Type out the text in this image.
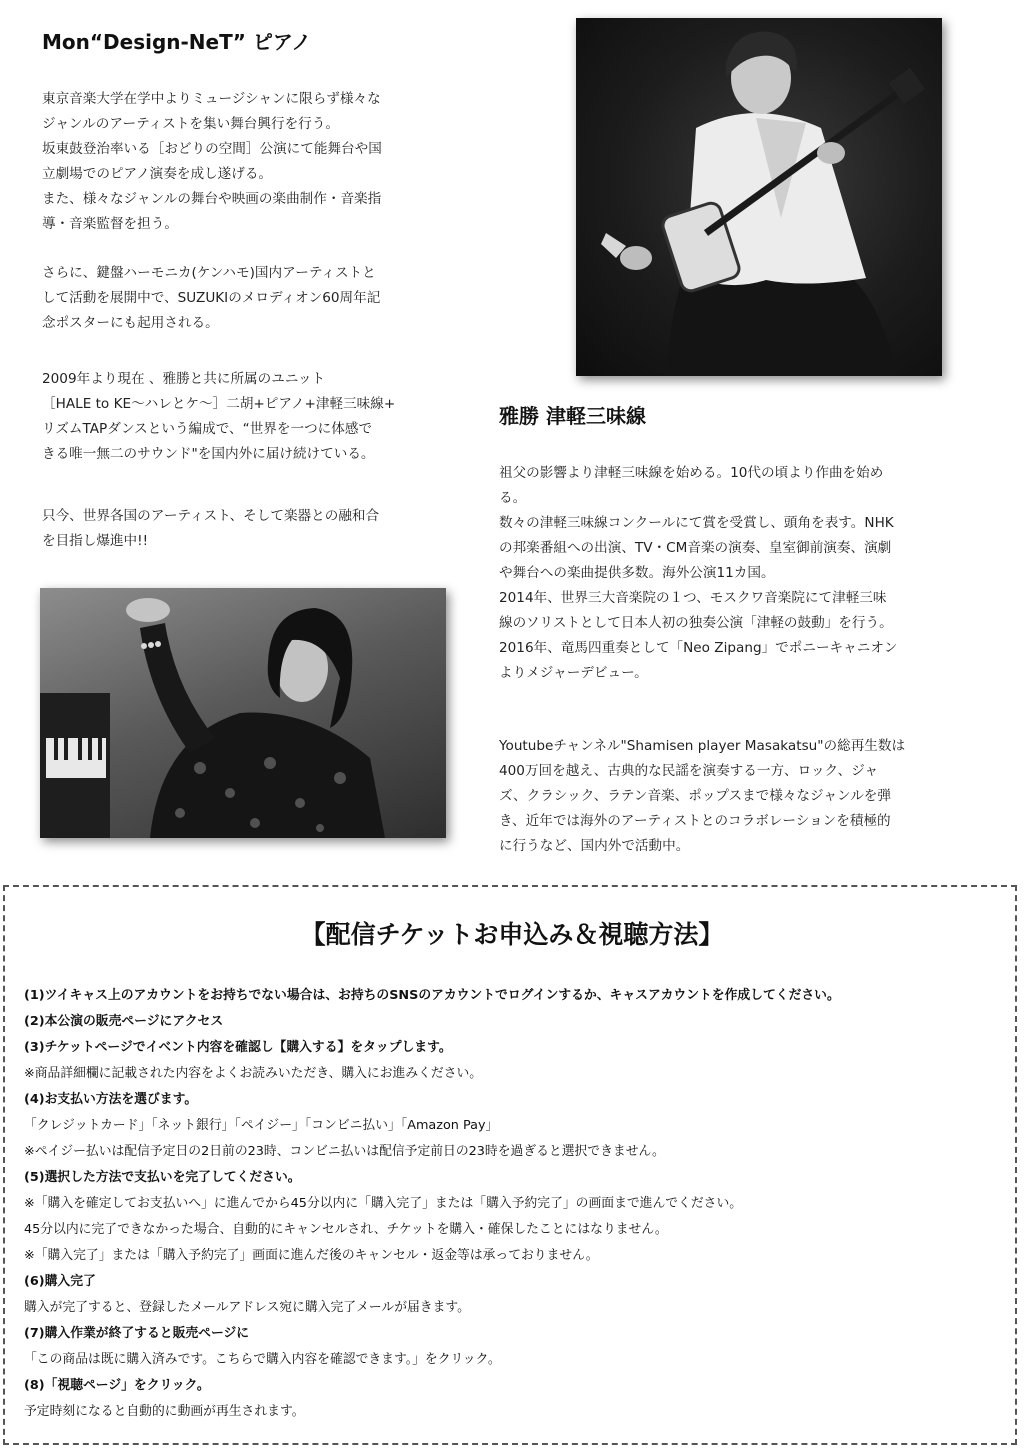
Mon“Design-NeT” ピアノ
東京音楽大学在学中よりミュージシャンに限らず様々な
ジャンルのアーティストを集い舞台興行を行う。
坂東鼓登治率いる［おどりの空間］公演にて能舞台や国
立劇場でのピアノ演奏を成し遂げる。
また、様々なジャンルの舞台や映画の楽曲制作・音楽指
導・音楽監督を担う。
さらに、鍵盤ハーモニカ(ケンハモ)国内アーティストと
して活動を展開中で、SUZUKIのメロディオン60周年記
念ポスターにも起用される。
2009年より現在 、雅勝と共に所属のユニット
［HALE to KE〜ハレとケ〜］二胡+ピアノ+津軽三味線+
リズムTAPダンスという編成で、“世界を一つに体感で
きる唯一無二のサウンド"を国内外に届け続けている。
只今、世界各国のアーティスト、そして楽器との融和合
を目指し爆進中!!
雅勝 津軽三味線
祖父の影響より津軽三味線を始める。10代の頃より作曲を始め
る。
数々の津軽三味線コンクールにて賞を受賞し、頭角を表す。NHK
の邦楽番組への出演、TV・CM音楽の演奏、皇室御前演奏、演劇
や舞台への楽曲提供多数。海外公演11カ国。
2014年、世界三大音楽院の１つ、モスクワ音楽院にて津軽三味
線のソリストとして日本人初の独奏公演「津軽の鼓動」を行う。
2016年、竜馬四重奏として「Neo Zipang」でポニーキャニオン
よりメジャーデビュー。
Youtubeチャンネル"Shamisen player Masakatsu"の総再生数は
400万回を越え、古典的な民謡を演奏する一方、ロック、ジャ
ズ、クラシック、ラテン音楽、ポップスまで様々なジャンルを弾
き、近年では海外のアーティストとのコラボレーションを積極的
に行うなど、国内外で活動中。
【配信チケットお申込み＆視聴方法】
(1)ツイキャス上のアカウントをお持ちでない場合は、お持ちのSNSのアカウントでログインするか、キャスアカウントを作成してください。
(2)本公演の販売ページにアクセス
(3)チケットページでイベント内容を確認し【購入する】をタップします。
※商品詳細欄に記載された内容をよくお読みいただき、購入にお進みください。
(4)お支払い方法を選びます。
「クレジットカード」「ネット銀行」「ペイジー」「コンビニ払い」「Amazon Pay」
※ペイジー払いは配信予定日の2日前の23時、コンビニ払いは配信予定前日の23時を過ぎると選択できません。
(5)選択した方法で支払いを完了してください。
※「購入を確定してお支払いへ」に進んでから45分以内に「購入完了」または「購入予約完了」の画面まで進んでください。
45分以内に完了できなかった場合、自動的にキャンセルされ、チケットを購入・確保したことにはなりません。
※「購入完了」または「購入予約完了」画面に進んだ後のキャンセル・返金等は承っておりません。
(6)購入完了
購入が完了すると、登録したメールアドレス宛に購入完了メールが届きます。
(7)購入作業が終了すると販売ページに
「この商品は既に購入済みです。こちらで購入内容を確認できます。」をクリック。
(8)「視聴ページ」をクリック。
予定時刻になると自動的に動画が再生されます。
